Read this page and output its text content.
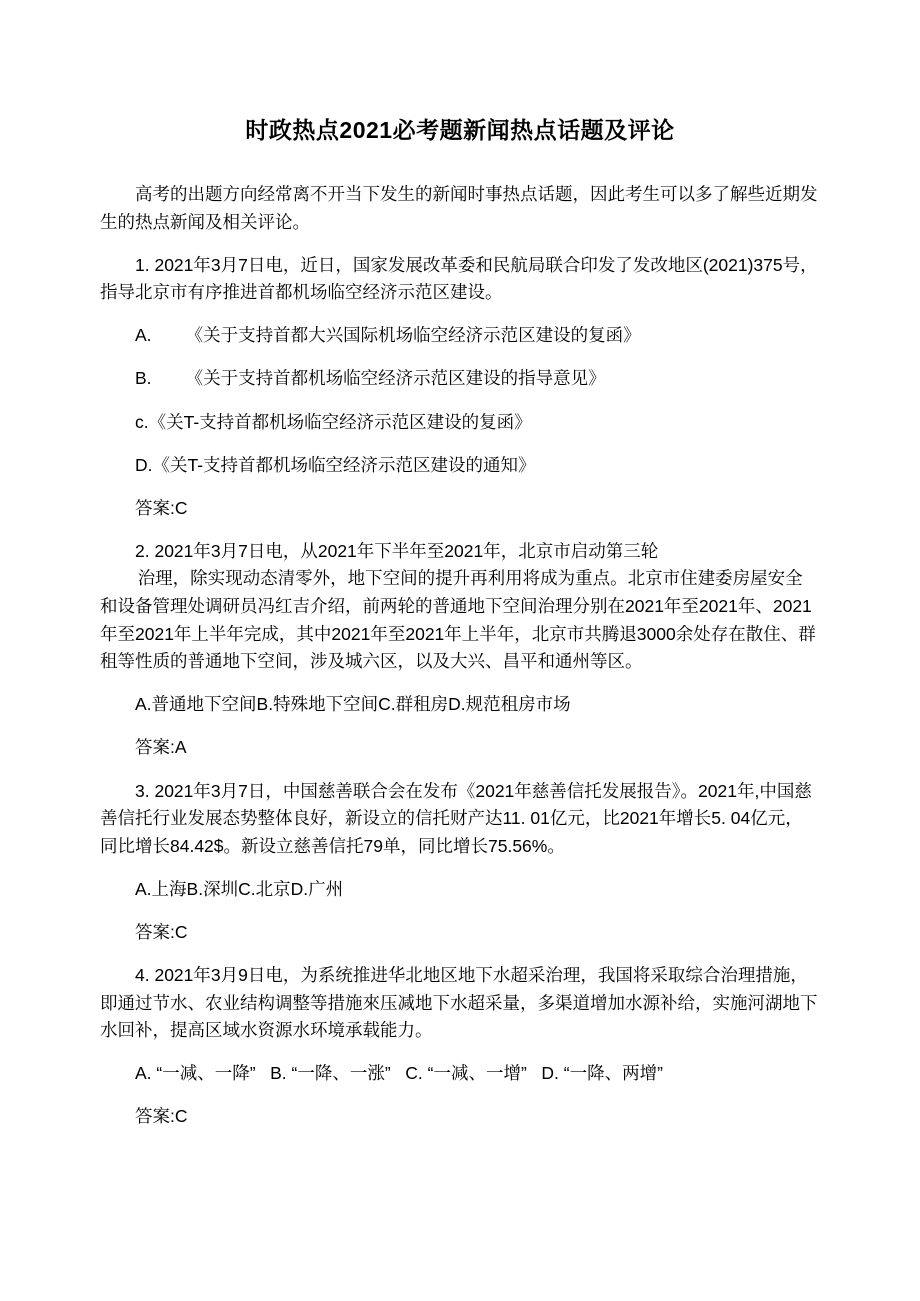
时政热点2021必考题新闻热点话题及评论

高考的出题方向经常离不开当下发生的新闻时事热点话题，因此考生可以多了解些近期发生的热点新闻及相关评论。

1. 2021年3月7日电，近日，国家发展改革委和民航局联合印发了发改地区(2021)375号，指导北京市有序推进首都机场临空经济示范区建设。

A.       《关于支持首都大兴国际机场临空经济示范区建设的复函》

B.       《关于支持首都机场临空经济示范区建设的指导意见》

c.《关T-支持首都机场临空经济示范区建设的复函》

D.《关T-支持首都机场临空经济示范区建设的通知》

答案:C

2. 2021年3月7日电，从2021年下半年至2021年，北京市启动第三轮
治理，除实现动态清零外，地下空间的提升再利用将成为重点。北京市住建委房屋安全和设备管理处调研员冯红吉介绍，前两轮的普通地下空间治理分别在2021年至2021年、2021年至2021年上半年完成，其中2021年至2021年上半年，北京市共腾退3000余处存在散住、群租等性质的普通地下空间，涉及城六区，以及大兴、昌平和通州等区。

A.普通地下空间B.特殊地下空间C.群租房D.规范租房市场

答案:A

3. 2021年3月7日，中国慈善联合会在发布《2021年慈善信托发展报告》。2021年,中国慈善信托行业发展态势整体良好，新设立的信托财产达11. 01亿元，比2021年增长5. 04亿元，同比增长84.42$。新设立慈善信托79单，同比增长75.56%。

A.上海B.深圳C.北京D.广州

答案:C

4. 2021年3月9日电，为系统推进华北地区地下水超采治理，我国将采取综合治理措施，即通过节水、农业结构调整等措施來压减地下水超采量，多渠道增加水源补给，实施河湖地下水回补，提高区域水资源水环境承载能力。

A. “一减、一降”   B. “一降、一涨”   C. “一减、一增”   D. “一降、两增”

答案:C
